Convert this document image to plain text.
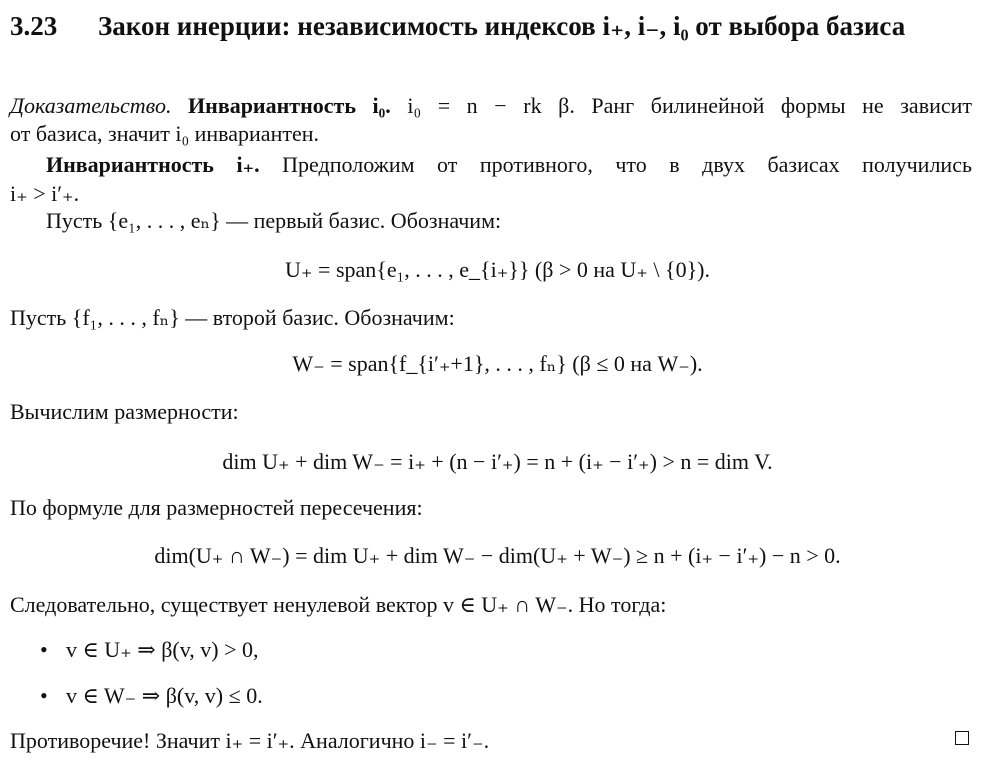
3.23 Закон инерции: независимость индексов i₊, i₋, i₀ от выбора базиса
Доказательство. Инвариантность i₀. i₀ = n − rk β. Ранг билинейной формы не зависит
от базиса, значит i₀ инвариантен.
Инвариантность i₊. Предположим от противного, что в двух базисах получились
i₊ > i′₊.
Пусть {e₁, . . . , eₙ} — первый базис. Обозначим:
U₊ = span{e₁, . . . , e_{i₊}} (β > 0 на U₊ \ {0}).
Пусть {f₁, . . . , fₙ} — второй базис. Обозначим:
W₋ = span{f_{i′₊+1}, . . . , fₙ} (β ≤ 0 на W₋).
Вычислим размерности:
dim U₊ + dim W₋ = i₊ + (n − i′₊) = n + (i₊ − i′₊) > n = dim V.
По формуле для размерностей пересечения:
dim(U₊ ∩ W₋) = dim U₊ + dim W₋ − dim(U₊ + W₋) ≥ n + (i₊ − i′₊) − n > 0.
Следовательно, существует ненулевой вектор v ∈ U₊ ∩ W₋. Но тогда:
• v ∈ U₊ ⇒ β(v, v) > 0,
• v ∈ W₋ ⇒ β(v, v) ≤ 0.
Противоречие! Значит i₊ = i′₊. Аналогично i₋ = i′₋.
